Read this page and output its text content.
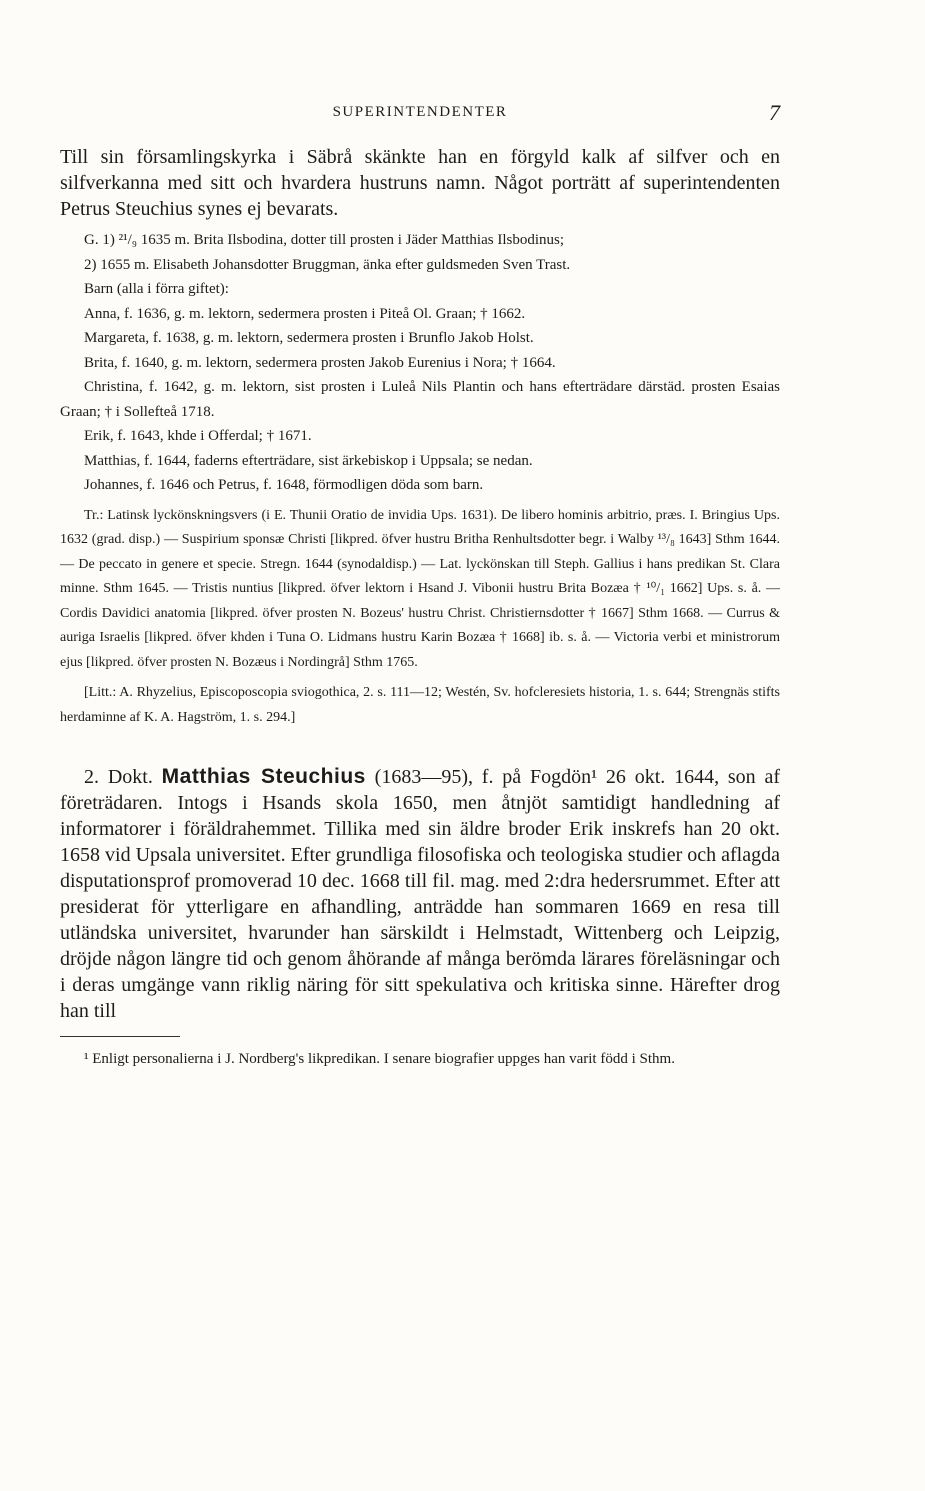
SUPERINTENDENTER	7

Till sin församlingskyrka i Säbrå skänkte han en förgyld kalk af silfver och en silfverkanna med sitt och hvardera hustruns namn. Något porträtt af superintendenten Petrus Steuchius synes ej bevarats.

G. 1) ²¹/₉ 1635 m. Brita Ilsbodina, dotter till prosten i Jäder Matthias Ilsbodinus;

2) 1655 m. Elisabeth Johansdotter Bruggman, änka efter guldsmeden Sven Trast.

Barn (alla i förra giftet):

Anna, f. 1636, g. m. lektorn, sedermera prosten i Piteå Ol. Graan; † 1662.

Margareta, f. 1638, g. m. lektorn, sedermera prosten i Brunflo Jakob Holst.

Brita, f. 1640, g. m. lektorn, sedermera prosten Jakob Eurenius i Nora; † 1664.

Christina, f. 1642, g. m. lektorn, sist prosten i Luleå Nils Plantin och hans efterträdare därstäd. prosten Esaias Graan; † i Sollefteå 1718.

Erik, f. 1643, khde i Offerdal; † 1671.

Matthias, f. 1644, faderns efterträdare, sist ärkebiskop i Uppsala; se nedan.

Johannes, f. 1646 och Petrus, f. 1648, förmodligen döda som barn.

Tr.: Latinsk lyckönskningsvers (i E. Thunii Oratio de invidia Ups. 1631). De libero hominis arbitrio, præs. I. Bringius Ups. 1632 (grad. disp.) — Suspirium sponsæ Christi [likpred. öfver hustru Britha Renhultsdotter begr. i Walby ¹³/₈ 1643] Sthm 1644. — De peccato in genere et specie. Stregn. 1644 (synodaldisp.) — Lat. lyckönskan till Steph. Gallius i hans predikan St. Clara minne. Sthm 1645. — Tristis nuntius [likpred. öfver lektorn i Hsand J. Vibonii hustru Brita Bozæa † ¹⁰/₁ 1662] Ups. s. å. — Cordis Davidici anatomia [likpred. öfver prosten N. Bozeus' hustru Christ. Christiernsdotter † 1667] Sthm 1668. — Currus & auriga Israelis [likpred. öfver khden i Tuna O. Lidmans hustru Karin Bozæa † 1668] ib. s. å. — Victoria verbi et ministrorum ejus [likpred. öfver prosten N. Bozæus i Nordingrå] Sthm 1765.

[Litt.: A. Rhyzelius, Episcoposcopia sviogothica, 2. s. 111—12; Westén, Sv. hofcleresiets historia, 1. s. 644; Strengnäs stifts herdaminne af K. A. Hagström, 1. s. 294.]

2. Dokt. Matthias Steuchius (1683—95), f. på Fogdön¹ 26 okt. 1644, son af företrädaren. Intogs i Hsands skola 1650, men åtnjöt samtidigt handledning af informatorer i föräldrahemmet. Tillika med sin äldre broder Erik inskrefs han 20 okt. 1658 vid Upsala universitet. Efter grundliga filosofiska och teologiska studier och aflagda disputationsprof promoverad 10 dec. 1668 till fil. mag. med 2:dra hedersrummet. Efter att presiderat för ytterligare en afhandling, anträdde han sommaren 1669 en resa till utländska universitet, hvarunder han särskildt i Helmstadt, Wittenberg och Leipzig, dröjde någon längre tid och genom åhörande af många berömda lärares föreläsningar och i deras umgänge vann riklig näring för sitt spekulativa och kritiska sinne. Härefter drog han till

¹ Enligt personalierna i J. Nordberg's likpredikan. I senare biografier uppges han varit född i Sthm.
